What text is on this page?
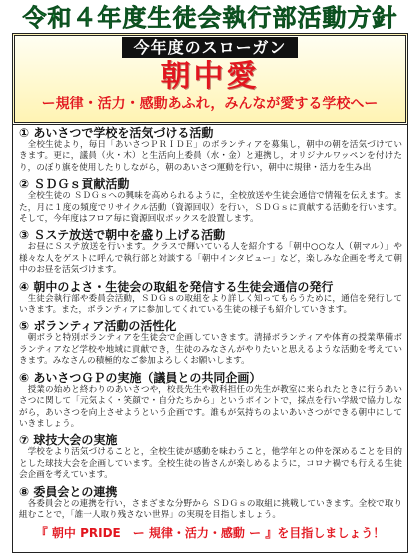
令和４年度生徒会執行部活動方針
今年度のスローガン
朝中愛
ー規律・活力・感動あふれ，みんなが愛する学校へー
① あいさつで学校を活気づける活動
全校生徒より，毎日「あいさつＰＲＩＤＥ」のボランティアを募集し，朝中の朝を活気づけていきます。更に，議員（火・木）と生活向上委員（水・金）と連携し，オリジナルワッペンを付けたり，のぼり旗を使用したりしながら，朝のあいさつ運動を行い，朝中に規律・活力を生み出
② ＳＤＧｓ貢献活動
全校生徒の ＳＤＧｓへの興味を高められるように，全校放送や生徒会通信で情報を伝えます。また，月に１度の頻度でリサイクル活動（資源回収）を行い，ＳＤＧｓに貢献する活動を行います。そして，今年度はフロア毎に資源回収ボックスを設置します。
③ Ｓステ放送で朝中を盛り上げる活動
お昼にＳステ放送を行います。クラスで輝いている人を紹介する「朝中○○な人（朝マル）」や様々な人をゲストに呼んで執行部と対談する「朝中インタビュー」など，楽しみな企画を考えて朝中のお昼を活気づけます。
④ 朝中のよさ・生徒会の取組を発信する生徒会通信の発行
生徒会執行部や委員会活動，ＳＤＧｓの取組をより詳しく知ってもらうために，通信を発行していきます。また，ボランティアに参加してくれている生徒の様子も紹介していきます。
⑤ ボランティア活動の活性化
朝ボラと特別ボランティアを生徒会で企画していきます。清掃ボランティアや体育の授業準備ボランティアなど学校や地域に貢献でき，生徒のみなさんがやりたいと思えるような活動を考えていきます。みなさんの積極的なご参加よろしくお願いします。
⑥ あいさつＧＰの実施（議員との共同企画）
授業の始めと終わりのあいさつや，校長先生や教科担任の先生が教室に来られたときに行うあいさつに関して「元気よく・笑顔で・自分たちから」というポイントで，採点を行い学級で協力しながら，あいさつを向上させようという企画です。誰もが気持ちのよいあいさつができる朝中にしていきましょう。
⑦ 球技大会の実施
学校をより活気づけることと，全校生徒が感動を味わうこと，他学年との仲を深めることを目的とした球技大会を企画しています。全校生徒の皆さんが楽しめるように，コロナ禍でも行える生徒会企画を考えています。
⑧ 委員会との連携
各委員会との連携を行い，さまざまな分野から ＳＤＧｓの取組に挑戦していきます。全校で取り組むことで，「誰一人取り残さない世界」の実現を目指しましょう。
『 朝中 PRIDE　ー 規律・活力・感動 ー 』を目指しましょう！
